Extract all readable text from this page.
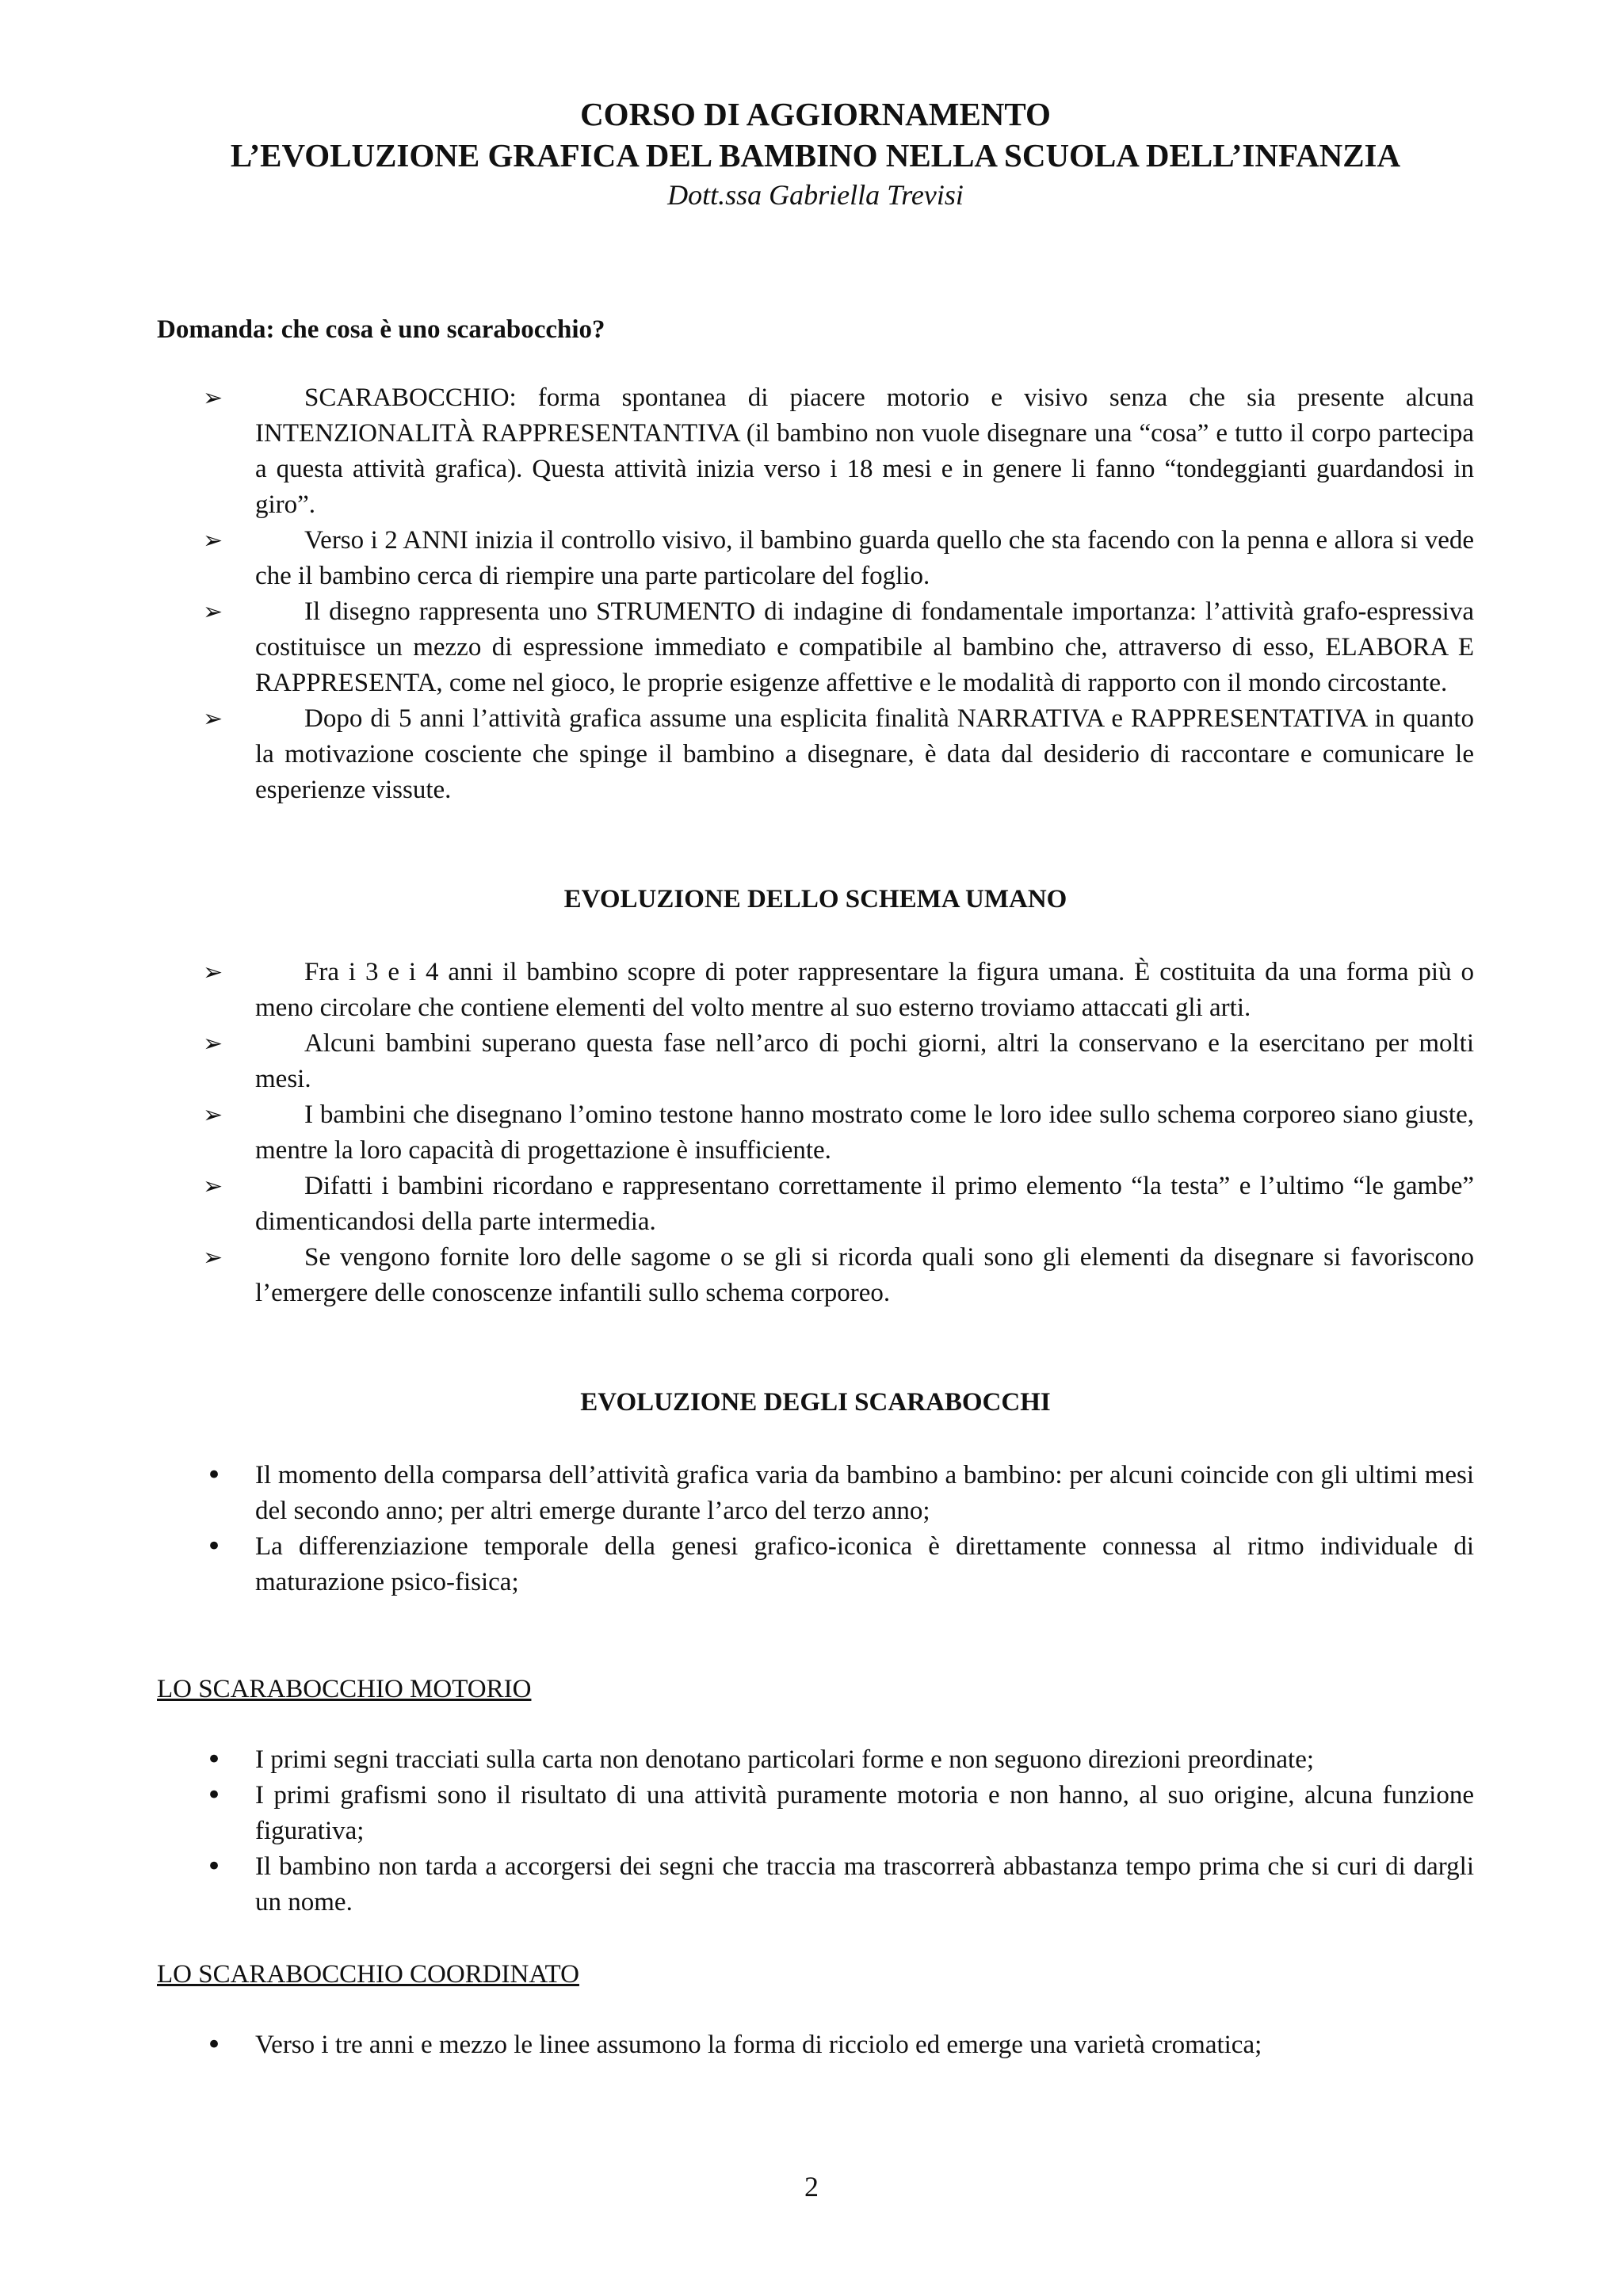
CORSO DI AGGIORNAMENTO
L’EVOLUZIONE GRAFICA DEL BAMBINO NELLA SCUOLA DELL’INFANZIA
Dott.ssa Gabriella Trevisi
Domanda: che cosa è uno scarabocchio?
➢	SCARABOCCHIO: forma spontanea di piacere motorio e visivo senza che sia presente alcuna INTENZIONALITÀ RAPPRESENTANTIVA (il bambino non vuole disegnare una “cosa” e tutto il corpo partecipa a questa attività grafica). Questa attività inizia verso i 18 mesi e in genere li fanno “tondeggianti guardandosi in giro”.
➢	Verso i 2 ANNI inizia il controllo visivo, il bambino guarda quello che sta facendo con la penna e allora si vede che il bambino cerca di riempire una parte particolare del foglio.
➢	Il disegno rappresenta uno STRUMENTO di indagine di fondamentale importanza: l’attività grafo-espressiva costituisce un mezzo di espressione immediato e compatibile al bambino che, attraverso di esso, ELABORA E RAPPRESENTA, come nel gioco, le proprie esigenze affettive e le modalità di rapporto con il mondo circostante.
➢	Dopo di 5 anni l’attività grafica assume una esplicita finalità NARRATIVA e RAPPRESENTATIVA in quanto la motivazione cosciente che spinge il bambino a disegnare, è data dal desiderio di raccontare e comunicare le esperienze vissute.
EVOLUZIONE DELLO SCHEMA UMANO
➢	Fra i 3 e i 4 anni il bambino scopre di poter rappresentare la figura umana. È costituita da una forma più o meno circolare che contiene elementi del volto mentre al suo esterno troviamo attaccati gli arti.
➢	Alcuni bambini superano questa fase nell’arco di pochi giorni, altri la conservano e la esercitano per molti mesi.
➢	I bambini che disegnano l’omino testone hanno mostrato come le loro idee sullo schema corporeo siano giuste, mentre la loro capacità di progettazione è insufficiente.
➢	Difatti i bambini ricordano e rappresentano correttamente il primo elemento “la testa” e l’ultimo “le gambe” dimenticandosi della parte intermedia.
➢	Se vengono fornite loro delle sagome o se gli si ricorda quali sono gli elementi da disegnare si favoriscono l’emergere delle conoscenze infantili sullo schema corporeo.
EVOLUZIONE DEGLI SCARABOCCHI
• Il momento della comparsa dell’attività grafica varia da bambino a bambino: per alcuni coincide con gli ultimi mesi del secondo anno; per altri emerge durante l’arco del terzo anno;
• La differenziazione temporale della genesi grafico-iconica è direttamente connessa al ritmo individuale di maturazione psico-fisica;
LO SCARABOCCHIO MOTORIO
• I primi segni tracciati sulla carta non denotano particolari forme e non seguono direzioni preordinate;
• I primi grafismi sono il risultato di una attività puramente motoria e non hanno, al suo origine, alcuna funzione figurativa;
• Il bambino non tarda a accorgersi dei segni che traccia ma trascorrerà abbastanza tempo prima che si curi di dargli un nome.
LO SCARABOCCHIO COORDINATO
• Verso i tre anni e mezzo le linee assumono la forma di ricciolo ed emerge una varietà cromatica;
2
